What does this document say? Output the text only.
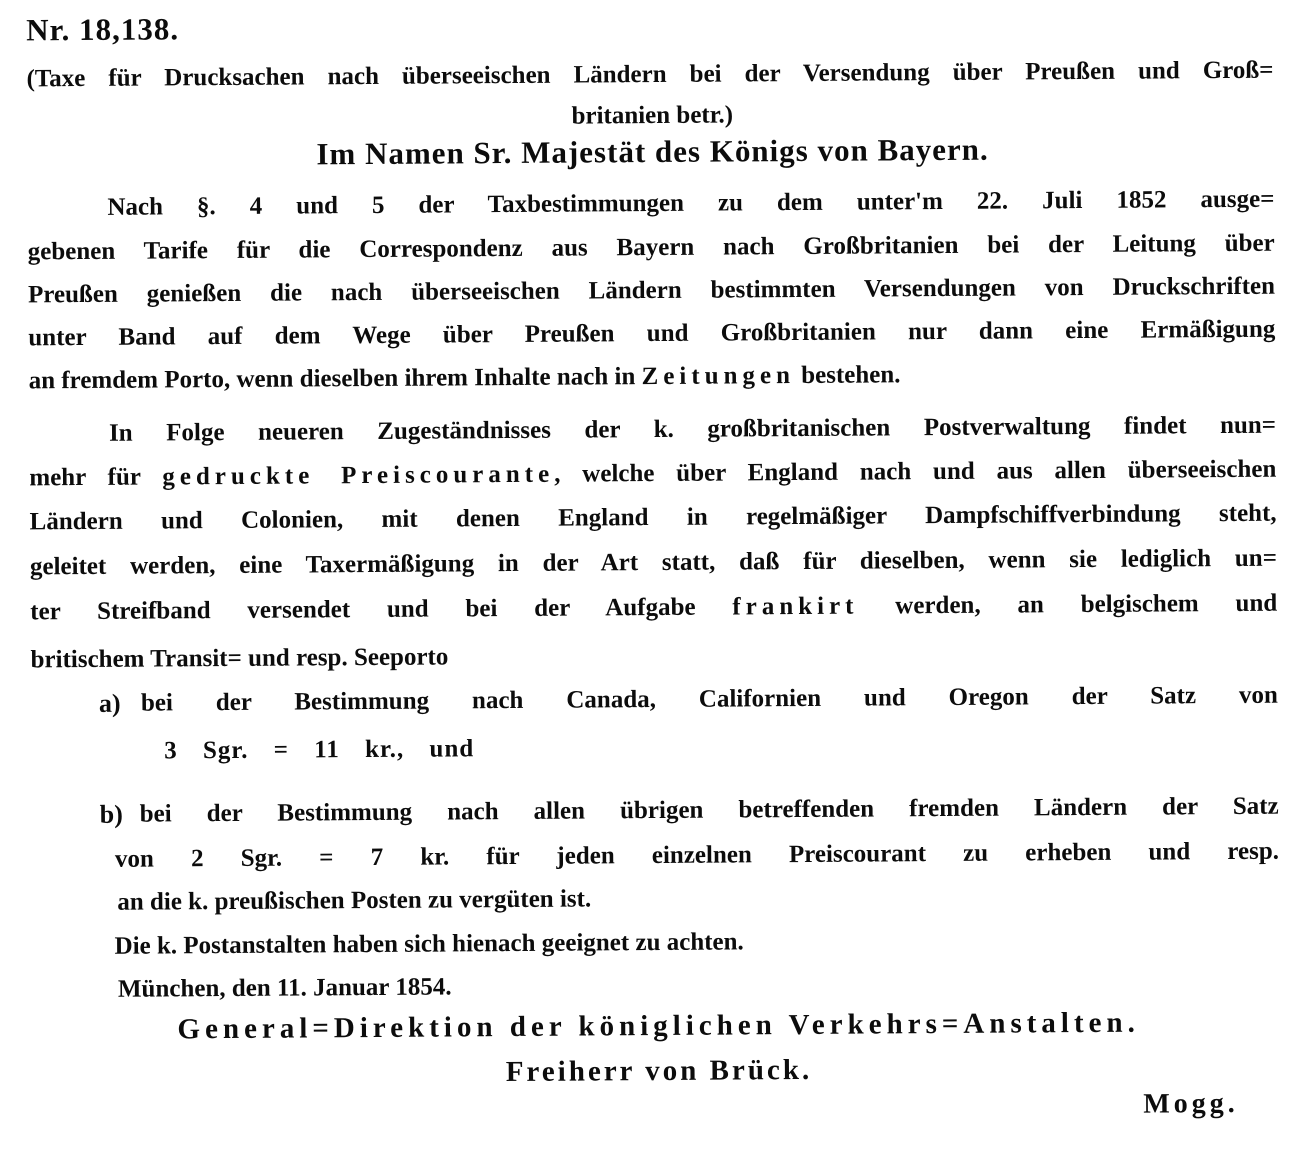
Nr. 18,138.
(Taxe für Drucksachen nach überseeischen Ländern bei der Versendung über Preußen und Groß=
britanien betr.)
Im Namen Sr. Majestät des Königs von Bayern.
Nach §. 4 und 5 der Taxbestimmungen zu dem unter'm 22. Juli 1852 ausge=
gebenen Tarife für die Correspondenz aus Bayern nach Großbritanien bei der Leitung über
Preußen genießen die nach überseeischen Ländern bestimmten Versendungen von Druckschriften
unter Band auf dem Wege über Preußen und Großbritanien nur dann eine Ermäßigung
an fremdem Porto, wenn dieselben ihrem Inhalte nach in Zeitungen bestehen.
In Folge neueren Zugeständnisses der k. großbritanischen Postverwaltung findet nun=
mehr für gedruckte Preiscourante, welche über England nach und aus allen überseeischen
Ländern und Colonien, mit denen England in regelmäßiger Dampfschiffverbindung steht,
geleitet werden, eine Taxermäßigung in der Art statt, daß für dieselben, wenn sie lediglich un=
ter Streifband versendet und bei der Aufgabe frankirt werden, an belgischem und
britischem Transit= und resp. Seeporto
a) bei der Bestimmung nach Canada, Californien und Oregon der Satz von
3 Sgr. = 11 kr., und
b) bei der Bestimmung nach allen übrigen betreffenden fremden Ländern der Satz
von 2 Sgr. = 7 kr. für jeden einzelnen Preiscourant zu erheben und resp.
an die k. preußischen Posten zu vergüten ist.
Die k. Postanstalten haben sich hienach geeignet zu achten.
München, den 11. Januar 1854.
General=Direktion der königlichen Verkehrs=Anstalten.
Freiherr von Brück.
Mogg.
